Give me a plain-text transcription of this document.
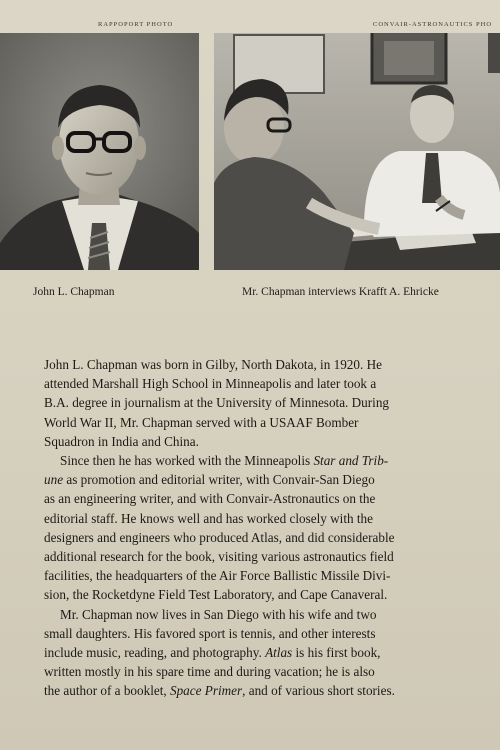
RAPPOPORT PHOTO	CONVAIR-ASTRONAUTICS PHO
John L. Chapman	Mr. Chapman interviews Krafft A. Ehricke

John L. Chapman was born in Gilby, North Dakota, in 1920. He
attended Marshall High School in Minneapolis and later took a
B.A. degree in journalism at the University of Minnesota. During
World War II, Mr. Chapman served with a USAAF Bomber
Squadron in India and China.

Since then he has worked with the Minneapolis Star and Trib-
une as promotion and editorial writer, with Convair-San Diego
as an engineering writer, and with Convair-Astronautics on the
editorial staff. He knows well and has worked closely with the
designers and engineers who produced Atlas, and did considerable
additional research for the book, visiting various astronautics field
facilities, the headquarters of the Air Force Ballistic Missile Divi-
sion, the Rocketdyne Field Test Laboratory, and Cape Canaveral.

Mr. Chapman now lives in San Diego with his wife and two
small daughters. His favored sport is tennis, and other interests
include music, reading, and photography. Atlas is his first book,
written mostly in his spare time and during vacation; he is also
the author of a booklet, Space Primer, and of various short stories.
